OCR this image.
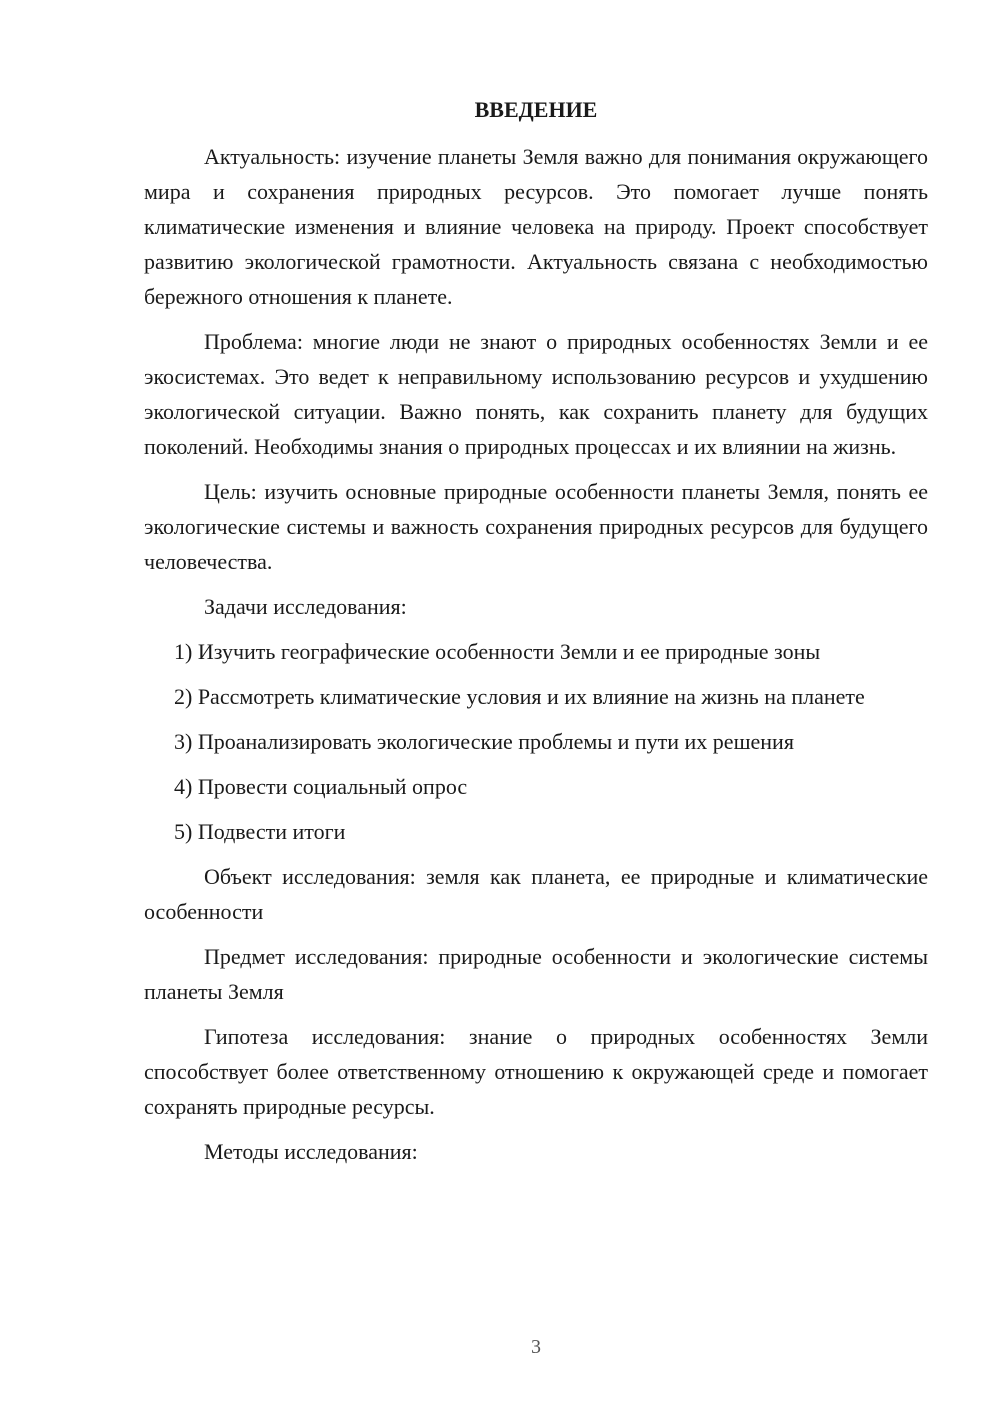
ВВЕДЕНИЕ

Актуальность: изучение планеты Земля важно для понимания окружающего мира и сохранения природных ресурсов. Это помогает лучше понять климатические изменения и влияние человека на природу. Проект способствует развитию экологической грамотности. Актуальность связана с необходимостью бережного отношения к планете.

Проблема: многие люди не знают о природных особенностях Земли и ее экосистемах. Это ведет к неправильному использованию ресурсов и ухудшению экологической ситуации. Важно понять, как сохранить планету для будущих поколений. Необходимы знания о природных процессах и их влиянии на жизнь.

Цель: изучить основные природные особенности планеты Земля, понять ее экологические системы и важность сохранения природных ресурсов для будущего человечества.

Задачи исследования:

1) Изучить географические особенности Земли и ее природные зоны

2) Рассмотреть климатические условия и их влияние на жизнь на планете

3) Проанализировать экологические проблемы и пути их решения

4) Провести социальный опрос

5) Подвести итоги

Объект исследования: земля как планета, ее природные и климатические особенности

Предмет исследования: природные особенности и экологические системы планеты Земля

Гипотеза исследования: знание о природных особенностях Земли способствует более ответственному отношению к окружающей среде и помогает сохранять природные ресурсы.

Методы исследования:

3
